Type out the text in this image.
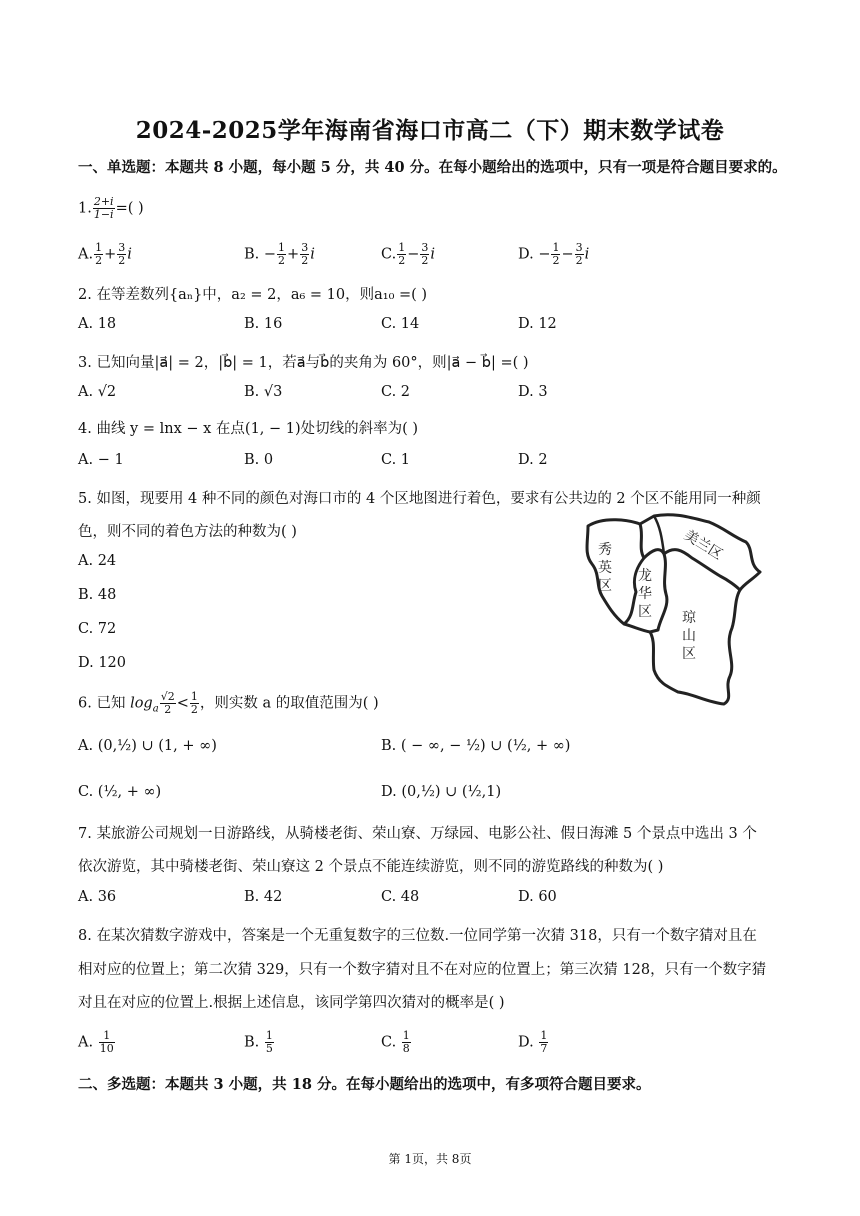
2024-2025学年海南省海口市高二（下）期末数学试卷
一、单选题：本题共 8 小题，每小题 5 分，共 40 分。在每小题给出的选项中，只有一项是符合题目要求的。
1. $\frac{2+i}{1-i}$ =( )
A. $\frac{1}{2} + \frac{3}{2}$ i	B. − $\frac{1}{2} + \frac{3}{2}$ i	C. $\frac{1}{2} - \frac{3}{2}$ i	D. − $\frac{1}{2} - \frac{3}{2}$ i
2. 在等差数列{aₙ}中，a₂ = 2，a₆ = 10，则a₁₀ =( )
A. 18	B. 16	C. 14	D. 12
3. 已知向量|a⃗| = 2，|b⃗| = 1，若a⃗与b⃗的夹角为 60°，则|a⃗ − b⃗| =( )
A. √2	B. √3	C. 2	D. 3
4. 曲线 y = lnx − x 在点(1, − 1)处切线的斜率为( )
A. − 1	B. 0	C. 1	D. 2
5. 如图，现要用 4 种不同的颜色对海口市的 4 个区地图进行着色，要求有公共边的 2 个区不能用同一种颜
色，则不同的着色方法的种数为( )
A. 24
B. 48
C. 72
D. 120
秀
英
区
龙
华
区 琼
山
区
美兰区
6. 已知 $\log_a \frac{√2}{2} < \frac{1}{2}$ ，则实数 a 的取值范围为( )
A. (0,½) ∪ (1, + ∞)	B. ( − ∞, − ½) ∪ (½, + ∞)
C. (½, + ∞)	D. (0,½) ∪ (½,1)
7. 某旅游公司规划一日游路线，从骑楼老街、荣山寮、万绿园、电影公社、假日海滩 5 个景点中选出 3 个
依次游览，其中骑楼老街、荣山寮这 2 个景点不能连续游览，则不同的游览路线的种数为( )
A. 36	B. 42	C. 48	D. 60
8. 在某次猜数字游戏中，答案是一个无重复数字的三位数.一位同学第一次猜 318，只有一个数字猜对且在
相对应的位置上；第二次猜 329，只有一个数字猜对且不在对应的位置上；第三次猜 128，只有一个数字猜
对且在对应的位置上.根据上述信息，该同学第四次猜对的概率是( )
A. $\frac{1}{10}$	B. $\frac{1}{5}$	C. $\frac{1}{8}$	D. $\frac{1}{7}$
二、多选题：本题共 3 小题，共 18 分。在每小题给出的选项中，有多项符合题目要求。
第 1页，共 8页
